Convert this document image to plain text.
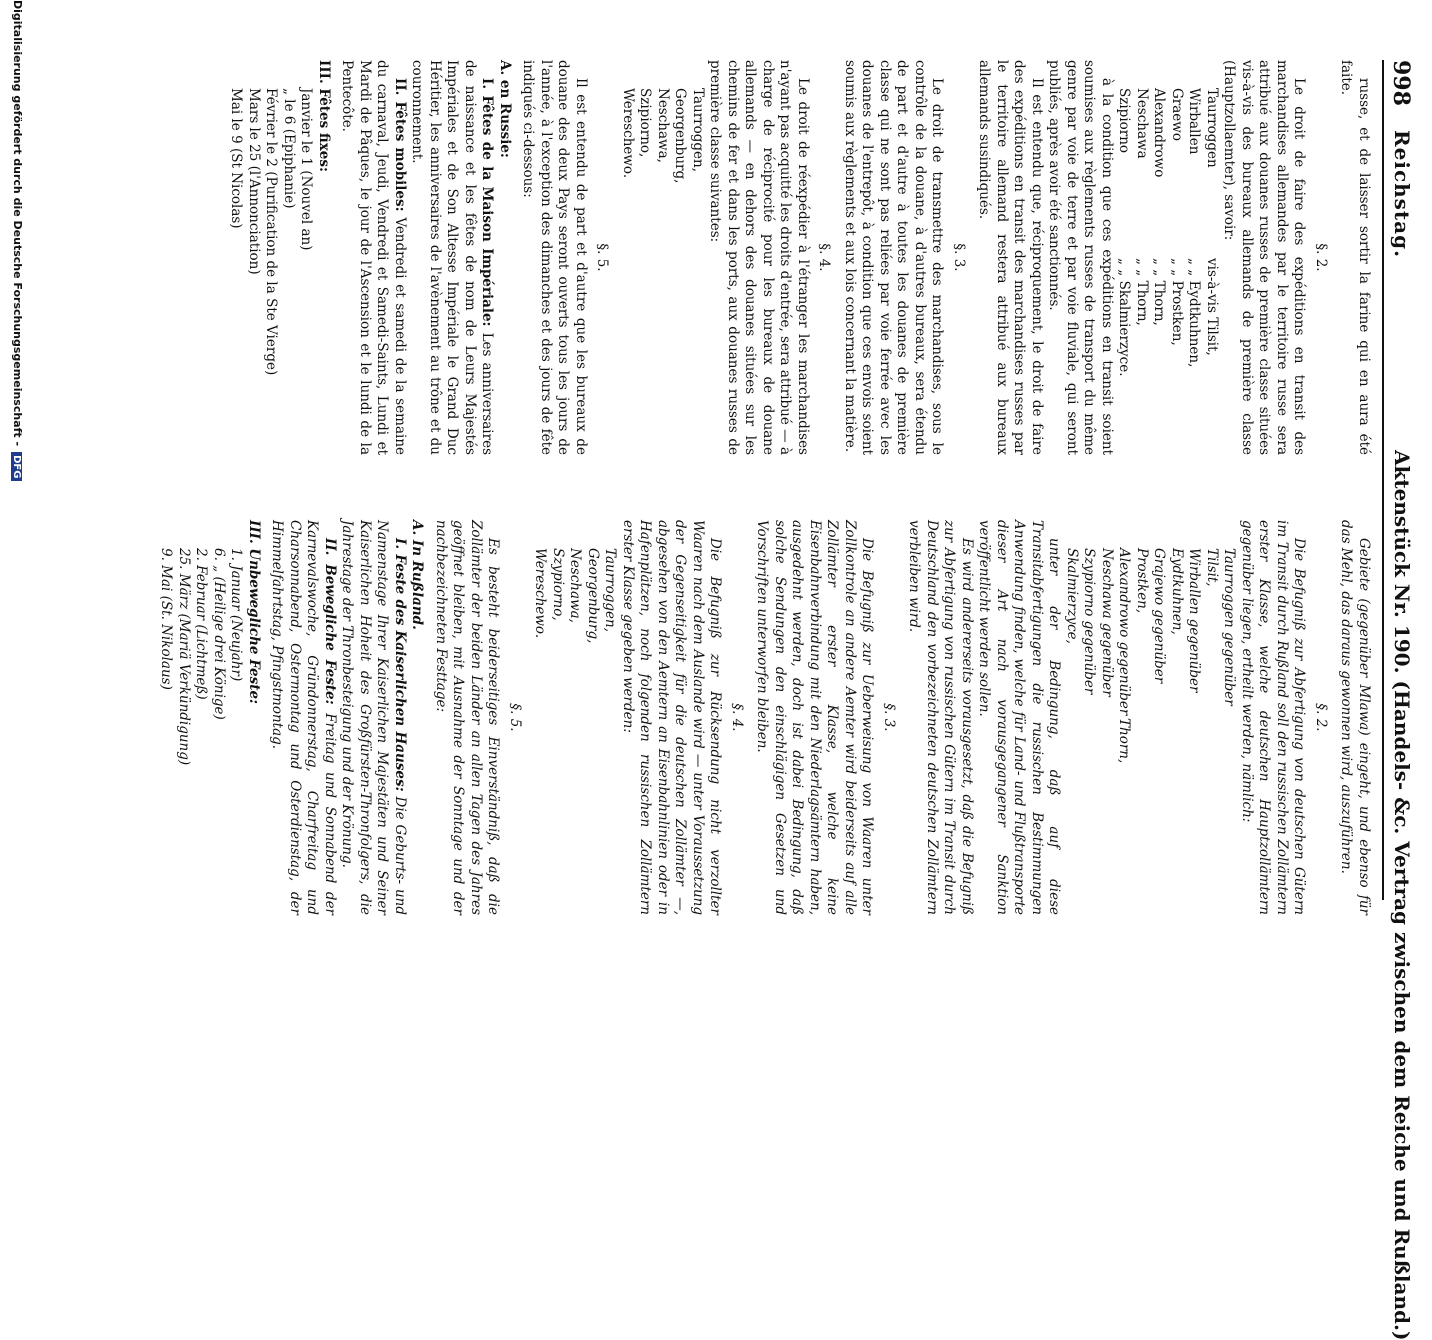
998
Reichstag.
Aktenstück Nr. 190. (Handels- &c. Vertrag zwischen dem Reiche und Rußland.)

russe, et de laisser sortir la farine qui en aura été faite.

§. 2.

Le droit de faire des expéditions en transit des marchandises allemandes par le territoire russe sera attribué aux douanes russes de première classe situées vis-à-vis des bureaux allemands de première classe (Hauptzollaemter), savoir:

Taurroggen
vis-à-vis Tilsit,
Wirballen
„ „ Eydtkuhnen,
Graewo
„ „ Prostken,
Alexandrowo
„ „ Thorn,
Neschawa
„ „ Thorn,
Szipiorno
„ „ Skalmierzyce.

à la condition que ces expéditions en transit soient soumises aux règlements russes de transport du même genre par voie de terre et par voie fluviale, qui seront publiés, après avoir été sanctionnés.

Il est entendu que, réciproquement, le droit de faire des expéditions en transit des marchandises russes par le territoire allemand restera attribué aux bureaux allemands susindiqués.

§. 3.

Le droit de transmettre des marchandises, sous le contrôle de la douane, à d'autres bureaux, sera étendu de part et d'autre à toutes les douanes de première classe qui ne sont pas reliées par voie ferrée avec les douanes de l'entrepôt, à condition que ces envois soient soumis aux règlements et aux lois concernant la matière.

§. 4.

Le droit de réexpédier à l'étranger les marchandises n'ayant pas acquitté les droits d'entrée, sera attribué — à charge de réciprocité pour les bureaux de douane allemands — en dehors des douanes situées sur les chemins de fer et dans les ports, aux douanes russes de première classe suivantes:

Taurroggen,

Georgenburg,

Neschawa,

Szipiorno,

Wereschewo.

§. 5.

Il est entendu de part et d'autre que les bureaux de douane des deux Pays seront ouverts tous les jours de l'année, à l'exception des dimanches et des jours de fête indiqués ci-dessous:

A. en Russie:

I. Fêtes de la Maison Impériale: Les anniversaires de naissance et les fêtes de nom de Leurs Majestés Impériales et de Son Altesse Impériale le Grand Duc Héritier, les anniversaires de l'avènement au trône et du couronnement.

II. Fêtes mobiles: Vendredi et samedi de la semaine du carnaval, Jeudi, Vendredi et Samedi-Saints, Lundi et Mardi de Pâques, le jour de l'Ascension et le lundi de la Pentecôte.

III. Fêtes fixes:

Janvier le 1 (Nouvel an)

„ le 6 (Epiphanie)

Février le 2 (Purification de la Ste Vierge)

Mars le 25 (l'Annonciation)

Mai le 9 (St Nicolas)

Gebiete (gegenüber Mlawa) eingeht, und ebenso für das Mehl, das daraus gewonnen wird, auszuführen.

§. 2.

Die Befugniß zur Abfertigung von deutschen Gütern im Transit durch Rußland soll den russischen Zollämtern erster Klasse, welche deutschen Hauptzollämtern gegenüber liegen, ertheilt werden, nämlich:

Taurroggen gegenüber Tilsit,
Wirballen gegenüber Eydtkuhnen,
Grajewo gegenüber Prostken,
Alexandrowo gegenüber
Thorn,
Neschawa gegenüber
Szypiorno gegenüber Skalmierzyce,

unter der Bedingung, daß auf diese Transitabfertigungen die russischen Bestimmungen Anwendung finden, welche für Land- und Flußtransporte dieser Art nach vorausgegangener Sanktion veröffentlicht werden sollen.

Es wird andererseits vorausgesetzt, daß die Befugniß zur Abfertigung von russischen Gütern im Transit durch Deutschland den vorbezeichneten deutschen Zollämtern verbleiben wird.

§. 3.

Die Befugniß zur Ueberweisung von Waaren unter Zollkontrole an andere Aemter wird beiderseits auf alle Zollämter erster Klasse, welche keine Eisenbahnverbindung mit den Niederlagsämtern haben, ausgedehnt werden, doch ist dabei Bedingung, daß solche Sendungen den einschlägigen Gesetzen und Vorschriften unterworfen bleiben.

§. 4.

Die Befugniß zur Rücksendung nicht verzollter Waaren nach dem Auslande wird — unter Voraussetzung der Gegenseitigkeit für die deutschen Zollämter —, abgesehen von den Aemtern an Eisenbahnlinien oder in Hafenplätzen, noch folgenden russischen Zollämtern erster Klasse gegeben werden:

Taurroggen,

Georgenburg,

Neschawa,

Szypiorno,

Wereschewo.

§. 5.

Es besteht beiderseitiges Einverständniß, daß die Zollämter der beiden Länder an allen Tagen des Jahres geöffnet bleiben, mit Ausnahme der Sonntage und der nachbezeichneten Festtage:

A. In Rußland.

I. Feste des Kaiserlichen Hauses: Die Geburts- und Namenstage Ihrer Kaiserlichen Majestäten und Seiner Kaiserlichen Hoheit des Großfürsten-Thronfolgers, die Jahrestage der Thronbesteigung und der Krönung.

II. Bewegliche Feste: Freitag und Sonnabend der Karnevalswoche, Gründonnerstag, Charfreitag und Charsonnabend, Ostermontag und Osterdienstag, der Himmelfahrtstag, Pfingstmontag.

III. Unbewegliche Feste:

1. Januar (Neujahr)

6. „ (Heilige drei Könige)

2. Februar (Lichtmeß)

25. März (Mariä Verkündigung)

9. Mai (St. Nikolaus)

Digitalisierung gefördert durch die Deutsche Forschungsgemeinschaft -DFG
